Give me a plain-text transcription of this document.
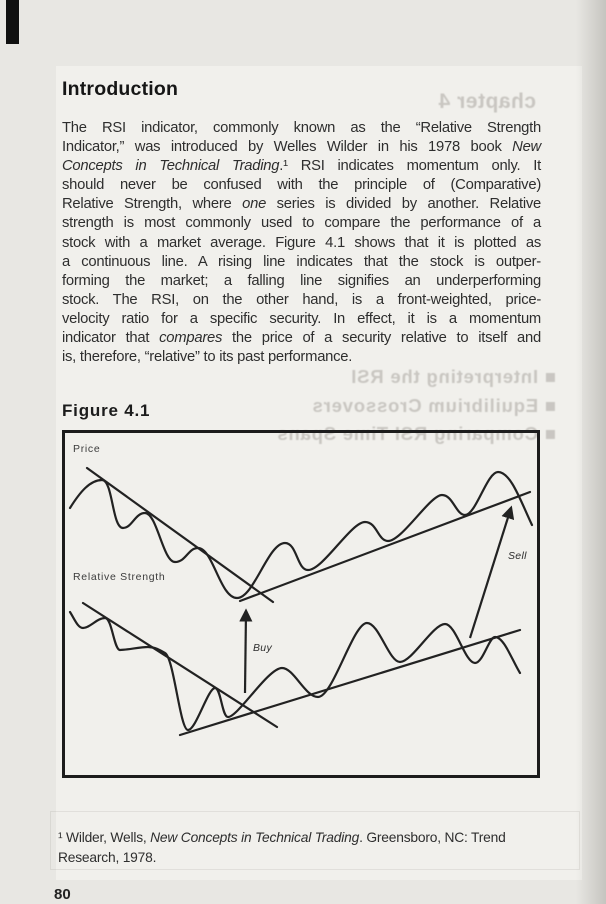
chapter 4
■ Interpreting the RSI
■ Equilibrium Crossovers
■ Comparing RSI Time Spans
Introduction
The RSI indicator, commonly known as the “Relative Strength
Indicator,” was introduced by Welles Wilder in his 1978 book New
Concepts in Technical Trading.¹ RSI indicates momentum only. It
should never be confused with the principle of (Comparative)
Relative Strength, where one series is divided by another. Relative
strength is most commonly used to compare the performance of a
stock with a market average. Figure 4.1 shows that it is plotted as
a continuous line. A rising line indicates that the stock is outper-
forming the market; a falling line signifies an underperforming
stock. The RSI, on the other hand, is a front-weighted, price-
velocity ratio for a specific security. In effect, it is a momentum
indicator that compares the price of a security relative to itself and
is, therefore, “relative” to its past performance.
Figure 4.1
Price
Relative Strength
Buy
Sell
¹ Wilder, Wells, New Concepts in Technical Trading. Greensboro, NC: Trend
Research, 1978.
80
